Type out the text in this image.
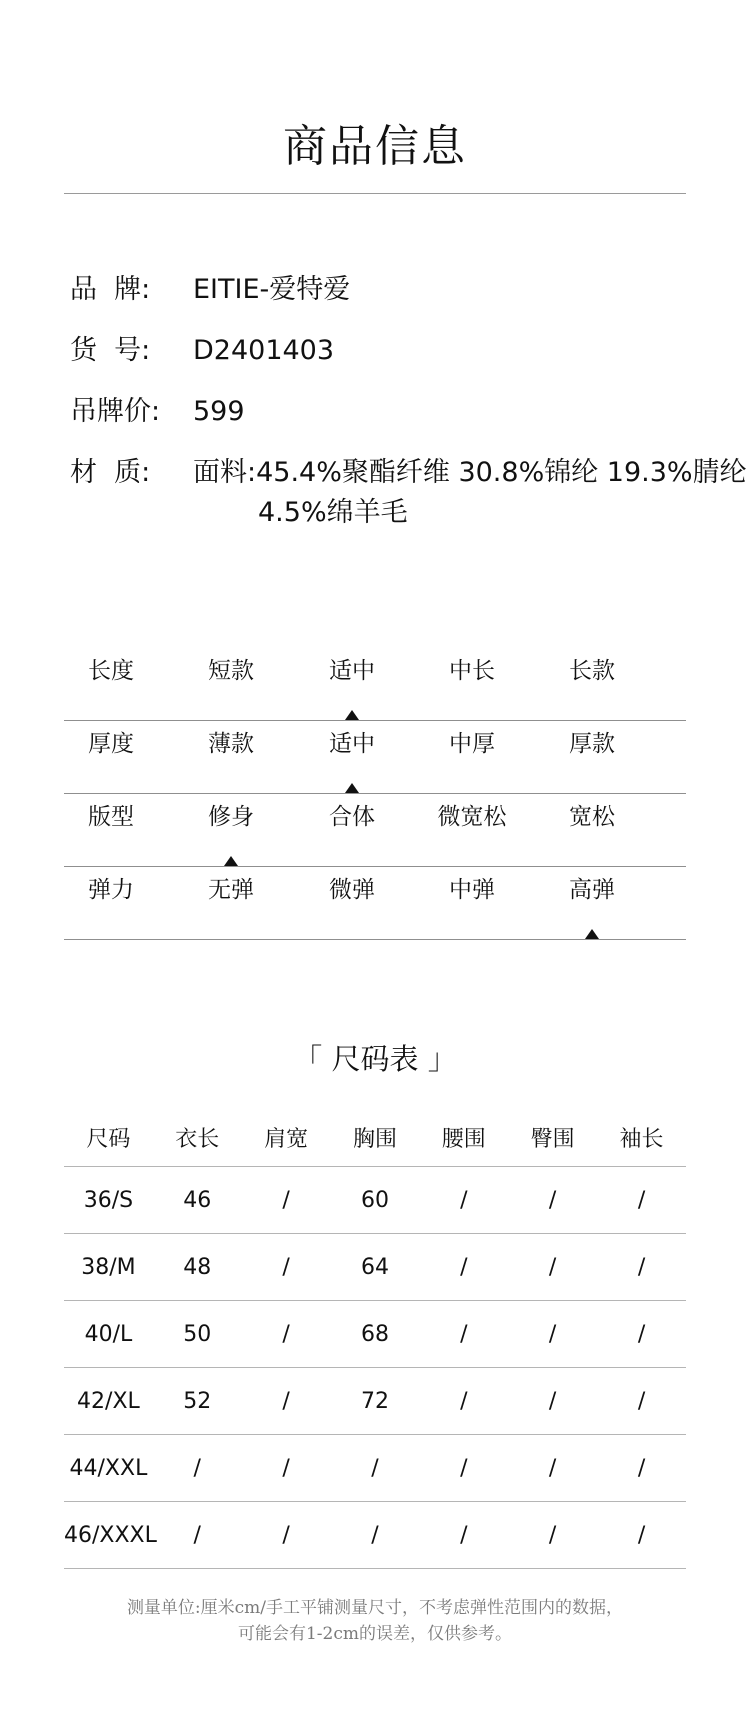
商品信息
品  牌:	EITIE-爱特爱
货  号:	D2401403
吊牌价:	599
材  质:	面料:45.4%聚酯纤维 30.8%锦纶 19.3%腈纶
4.5%绵羊毛
长度	短款	适中	中长	长款
厚度	薄款	适中	中厚	厚款
版型	修身	合体	微宽松	宽松
弹力	无弹	微弹	中弹	高弹
「 尺码表 」
尺码	衣长	肩宽	胸围	腰围	臀围	袖长
36/S	46	/	60	/	/	/
38/M	48	/	64	/	/	/
40/L	50	/	68	/	/	/
42/XL	52	/	72	/	/	/
44/XXL	/	/	/	/	/	/
46/XXXL	/	/	/	/	/	/
测量单位:厘米cm/手工平铺测量尺寸，不考虑弹性范围内的数据，
可能会有1-2cm的误差，仅供参考。
